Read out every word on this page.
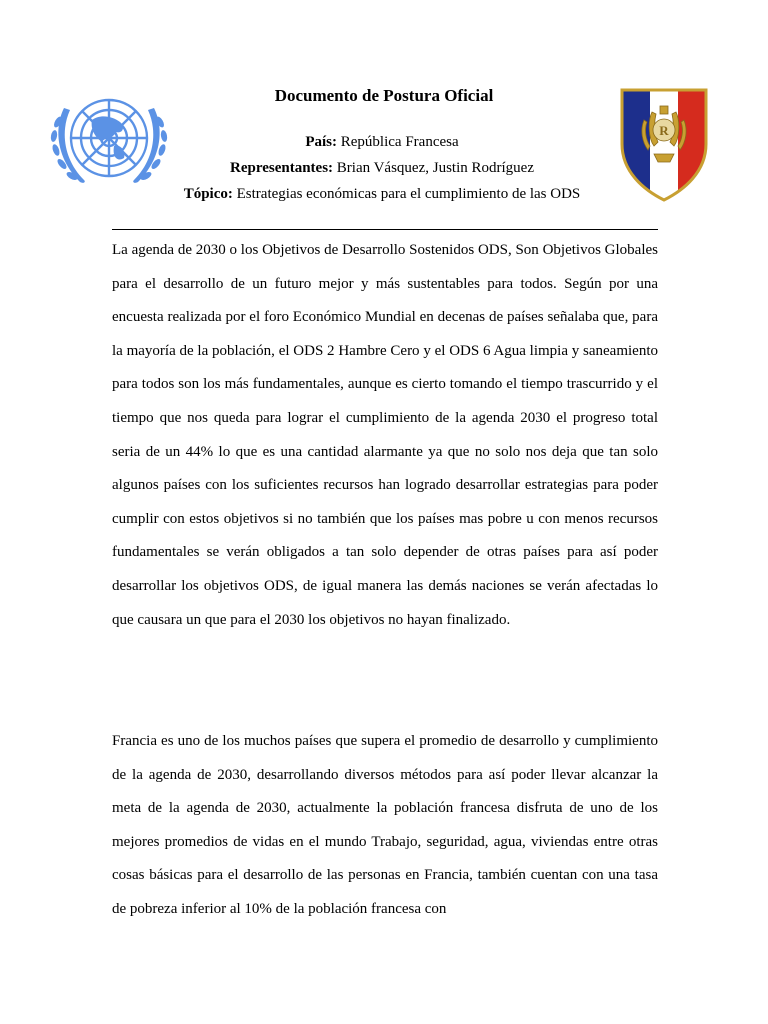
R
Documento de Postura Oficial
País: República Francesa
Representantes: Brian Vásquez, Justin Rodríguez
Tópico: Estrategias económicas para el cumplimiento de las ODS

La agenda de 2030 o los Objetivos de Desarrollo Sostenidos ODS, Son Objetivos Globales para el desarrollo de un futuro mejor y más sustentables para todos. Según por una encuesta realizada por el foro Económico Mundial en decenas de países señalaba que, para la mayoría de la población, el ODS 2 Hambre Cero y el ODS 6 Agua limpia y saneamiento para todos son los más fundamentales, aunque es cierto tomando el tiempo trascurrido y el tiempo que nos queda para lograr el cumplimiento de la agenda 2030 el progreso total seria de un 44% lo que es una cantidad alarmante ya que no solo nos deja que tan solo algunos países con los suficientes recursos han logrado desarrollar estrategias para poder cumplir con estos objetivos si no también que los países mas pobre u con menos recursos fundamentales se verán obligados a tan solo depender de otras países para así poder desarrollar los objetivos ODS, de igual manera las demás naciones se verán afectadas lo que causara un que para el 2030 los objetivos no hayan finalizado.

Francia es uno de los muchos países que supera el promedio de desarrollo y cumplimiento de la agenda de 2030, desarrollando diversos métodos para así poder llevar alcanzar la meta de la agenda de 2030, actualmente la población francesa disfruta de uno de los mejores promedios de vidas en el mundo Trabajo, seguridad, agua, viviendas entre otras cosas básicas para el desarrollo de las personas en Francia, también cuentan con una tasa de pobreza inferior al 10% de la población francesa con
